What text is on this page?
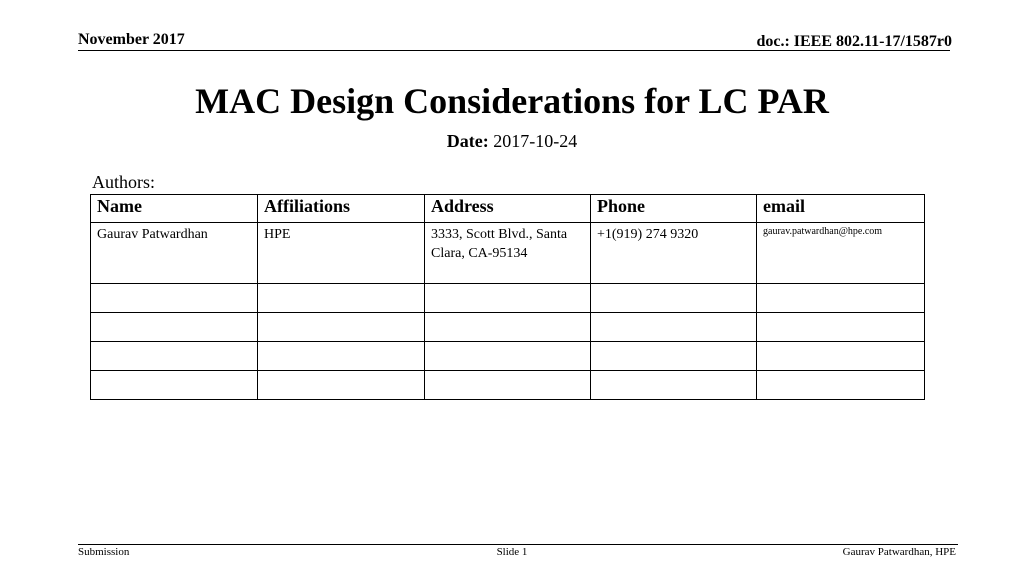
November 2017	doc.: IEEE 802.11-17/1587r0
MAC Design Considerations for LC PAR
Date: 2017-10-24
Authors:
Name	Affiliations	Address	Phone	email
Gaurav Patwardhan	HPE	3333, Scott Blvd., Santa Clara, CA-95134	+1(919) 274 9320	gaurav.patwardhan@hpe.com

Submission	Slide 1	Gaurav Patwardhan, HPE
